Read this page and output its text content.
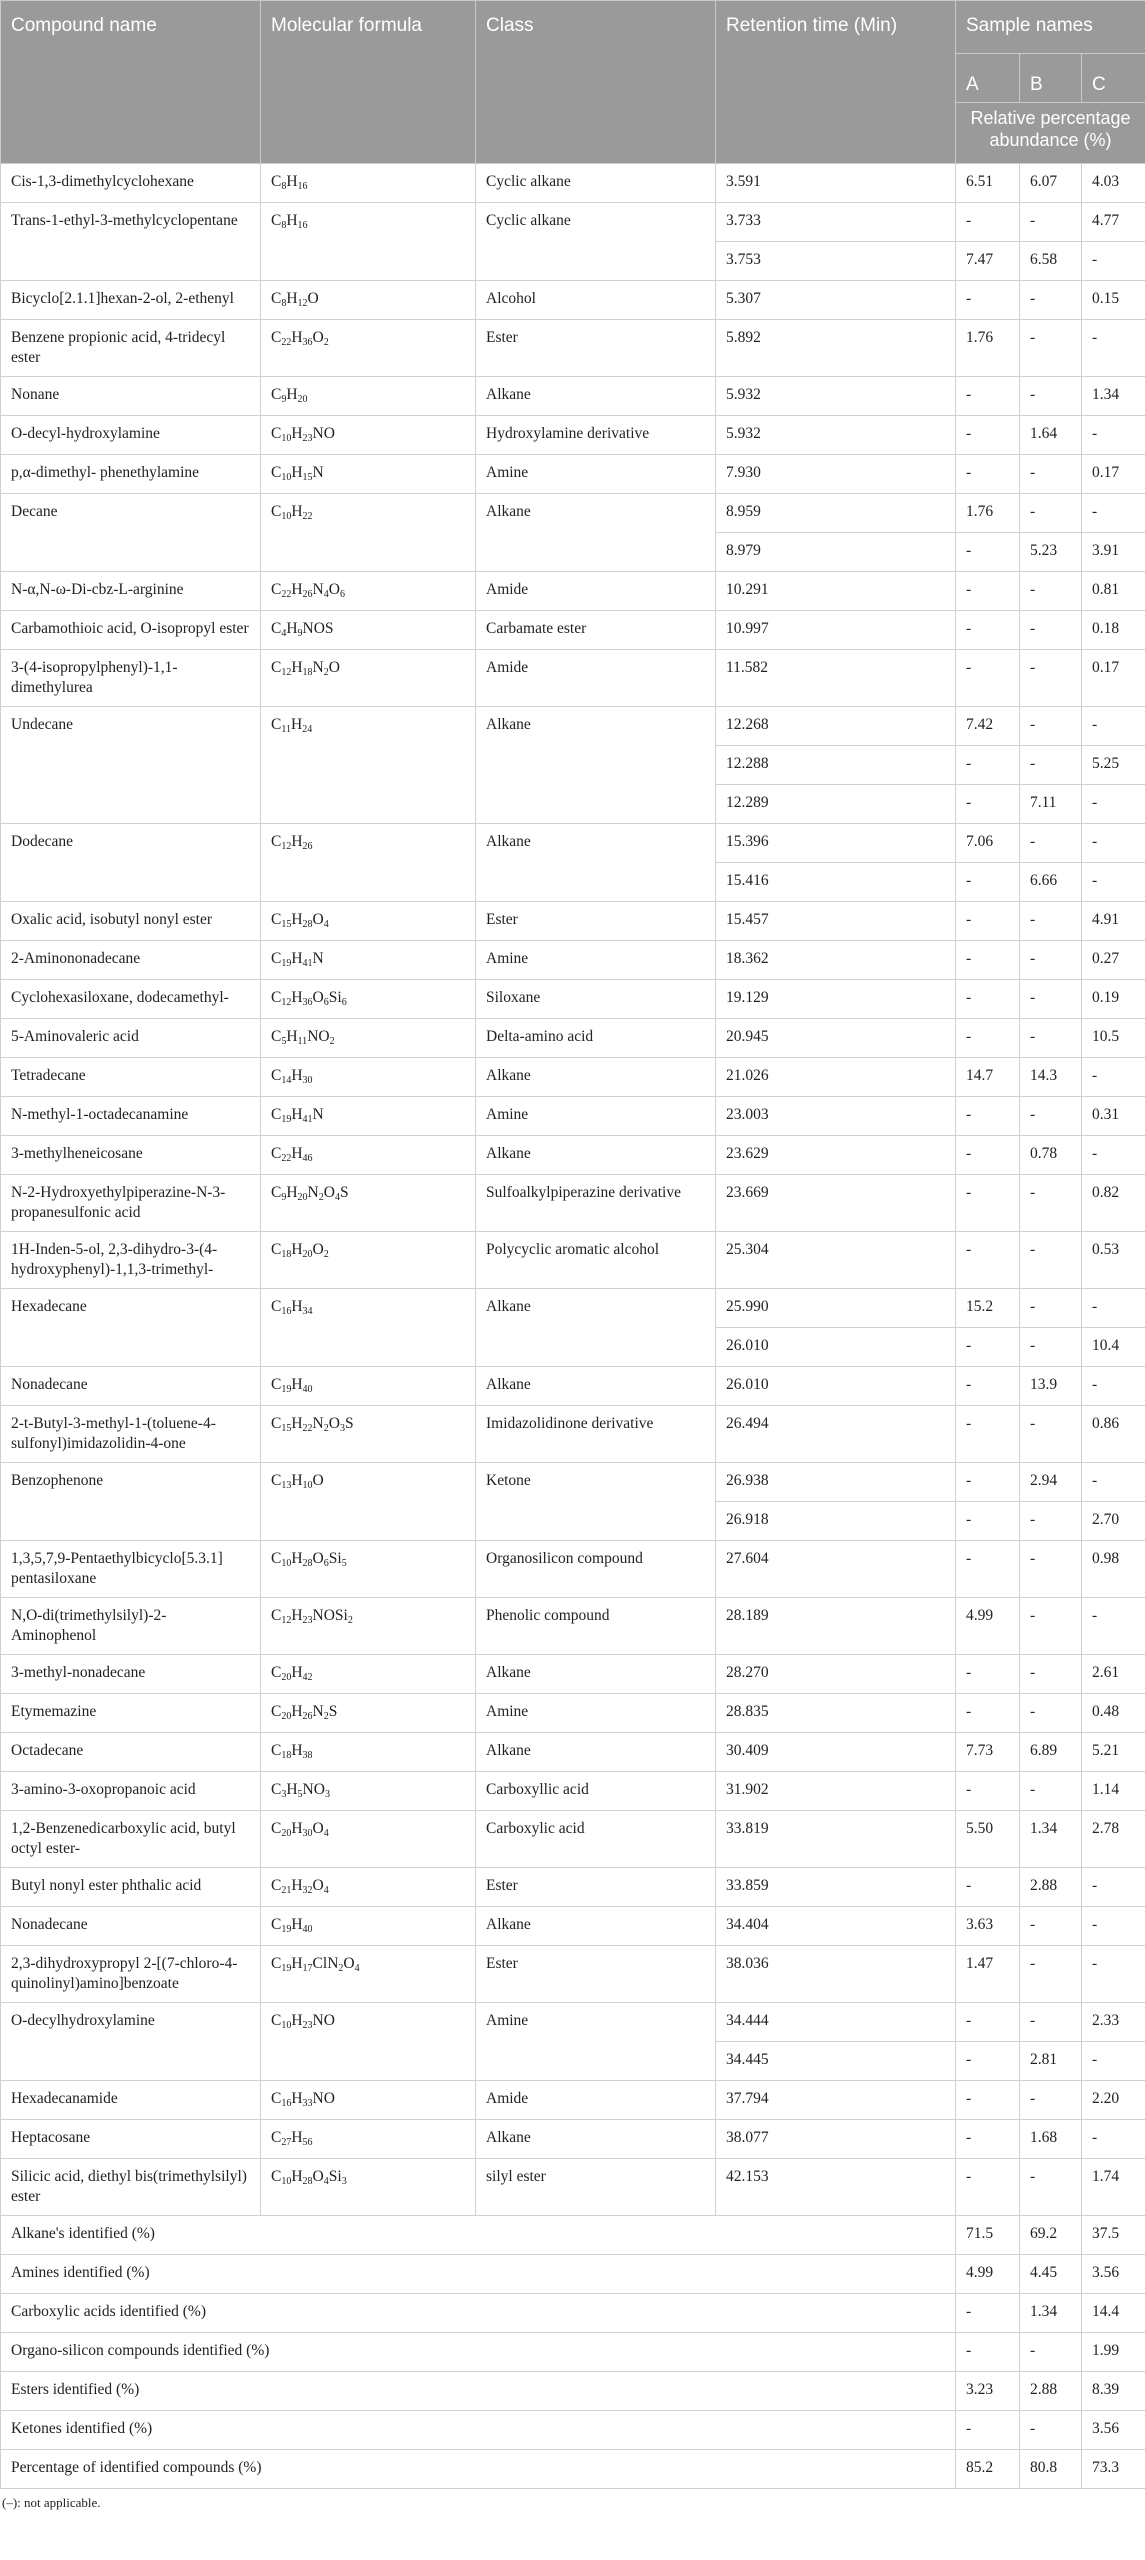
Compound name	Molecular formula	Class	Retention time (Min)	Sample names		
				A	B	C
				Relative percentage abundance (%)		
Cis-1,3-dimethylcyclohexane	$C_8H_{16}$	Cyclic alkane	3.591	6.51	6.07	4.03
Trans-1-ethyl-3-methylcyclopentane	$C_8H_{16}$	Cyclic alkane	3.733	-	-	4.77
			3.753	7.47	6.58	-
Bicyclo[2.1.1]hexan-2-ol, 2-ethenyl	$C_8H_{12}O$	Alcohol	5.307	-	-	0.15
Benzene propionic acid, 4-tridecyl ester	$C_{22}H_{36}O_2$	Ester	5.892	1.76	-	-
Nonane	$C_9H_{20}$	Alkane	5.932	-	-	1.34
O-decyl-hydroxylamine	$C_{10}H_{23}NO$	Hydroxylamine derivative	5.932	-	1.64	-
p,α-dimethyl- phenethylamine	$C_{10}H_{15}N$	Amine	7.930	-	-	0.17
Decane	$C_{10}H_{22}$	Alkane	8.959	1.76	-	-
			8.979	-	5.23	3.91
N-α,N-ω-Di-cbz-L-arginine	$C_{22}H_{26}N_4O_6$	Amide	10.291	-	-	0.81
Carbamothioic acid, O-isopropyl ester	$C_4H_9NOS$	Carbamate ester	10.997	-	-	0.18
3-(4-isopropylphenyl)-1,1-dimethylurea	$C_{12}H_{18}N_2O$	Amide	11.582	-	-	0.17
Undecane	$C_{11}H_{24}$	Alkane	12.268	7.42	-	-
			12.288	-	-	5.25
			12.289	-	7.11	-
Dodecane	$C_{12}H_{26}$	Alkane	15.396	7.06	-	-
			15.416	-	6.66	-
Oxalic acid, isobutyl nonyl ester	$C_{15}H_{28}O_4$	Ester	15.457	-	-	4.91
2-Aminononadecane	$C_{19}H_{41}N$	Amine	18.362	-	-	0.27
Cyclohexasiloxane, dodecamethyl-	$C_{12}H_{36}O_6Si_6$	Siloxane	19.129	-	-	0.19
5-Aminovaleric acid	$C_5H_{11}NO_2$	Delta-amino acid	20.945	-	-	10.5
Tetradecane	$C_{14}H_{30}$	Alkane	21.026	14.7	14.3	-
N-methyl-1-octadecanamine	$C_{19}H_{41}N$	Amine	23.003	-	-	0.31
3-methylheneicosane	$C_{22}H_{46}$	Alkane	23.629	-	0.78	-
N-2-Hydroxyethylpiperazine-N-3-propanesulfonic acid	$C_9H_{20}N_2O_4S$	Sulfoalkylpiperazine derivative	23.669	-	-	0.82
1H-Inden-5-ol, 2,3-dihydro-3-(4-hydroxyphenyl)-1,1,3-trimethyl-	$C_{18}H_{20}O_2$	Polycyclic aromatic alcohol	25.304	-	-	0.53
Hexadecane	$C_{16}H_{34}$	Alkane	25.990	15.2	-	-
			26.010	-	-	10.4
Nonadecane	$C_{19}H_{40}$	Alkane	26.010	-	13.9	-
2-t-Butyl-3-methyl-1-(toluene-4-sulfonyl)imidazolidin-4-one	$C_{15}H_{22}N_2O_3S$	Imidazolidinone derivative	26.494	-	-	0.86
Benzophenone	$C_{13}H_{10}O$	Ketone	26.938	-	2.94	-
			26.918	-	-	2.70
1,3,5,7,9-Pentaethylbicyclo[5.3.1] pentasiloxane	$C_{10}H_{28}O_6Si_5$	Organosilicon compound	27.604	-	-	0.98
N,O-di(trimethylsilyl)-2-Aminophenol	$C_{12}H_{23}NOSi_2$	Phenolic compound	28.189	4.99	-	-
3-methyl-nonadecane	$C_{20}H_{42}$	Alkane	28.270	-	-	2.61
Etymemazine	$C_{20}H_{26}N_2S$	Amine	28.835	-	-	0.48
Octadecane	$C_{18}H_{38}$	Alkane	30.409	7.73	6.89	5.21
3-amino-3-oxopropanoic acid	$C_3H_5NO_3$	Carboxyllic acid	31.902	-	-	1.14
1,2-Benzenedicarboxylic acid, butyl octyl ester-	$C_{20}H_{30}O_4$	Carboxylic acid	33.819	5.50	1.34	2.78
Butyl nonyl ester phthalic acid	$C_{21}H_{32}O_4$	Ester	33.859	-	2.88	-
Nonadecane	$C_{19}H_{40}$	Alkane	34.404	3.63	-	-
2,3-dihydroxypropyl 2-[(7-chloro-4-quinolinyl)amino]benzoate	$C_{19}H_{17}ClN_2O_4$	Ester	38.036	1.47	-	-
O-decylhydroxylamine	$C_{10}H_{23}NO$	Amine	34.444	-	-	2.33
			34.445	-	2.81	-
Hexadecanamide	$C_{16}H_{33}NO$	Amide	37.794	-	-	2.20
Heptacosane	$C_{27}H_{56}$	Alkane	38.077	-	1.68	-
Silicic acid, diethyl bis(trimethylsilyl) ester	$C_{10}H_{28}O_4Si_3$	silyl ester	42.153	-	-	1.74
Alkane's identified (%)				71.5	69.2	37.5
Amines identified (%)				4.99	4.45	3.56
Carboxylic acids identified (%)				-	1.34	14.4
Organo-silicon compounds identified (%)				-	-	1.99
Esters identified (%)				3.23	2.88	8.39
Ketones identified (%)				-	-	3.56
Percentage of identified compounds (%)				85.2	80.8	73.3
(–): not applicable.
